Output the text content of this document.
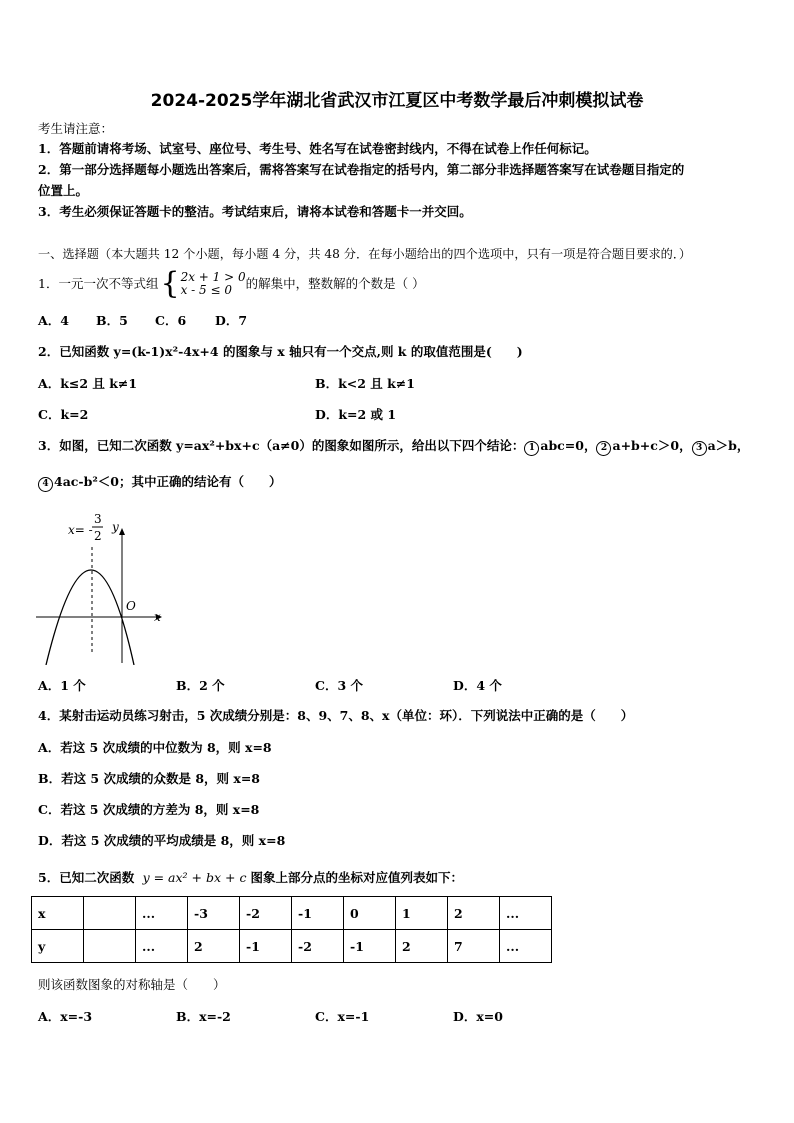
2024-2025学年湖北省武汉市江夏区中考数学最后冲刺模拟试卷
考生请注意：
1．答题前请将考场、试室号、座位号、考生号、姓名写在试卷密封线内，不得在试卷上作任何标记。
2．第一部分选择题每小题选出答案后，需将答案写在试卷指定的括号内，第二部分非选择题答案写在试卷题目指定的
位置上。
3．考生必须保证答题卡的整洁。考试结束后，请将本试卷和答题卡一并交回。
一、选择题（本大题共 12 个小题，每小题 4 分，共 48 分．在每小题给出的四个选项中，只有一项是符合题目要求的．）
1．一元一次不等式组{2x + 1 > 0
x - 5 ≤ 0 的解集中，整数解的个数是（ ）
A．4 B．5 C．6 D．7
2．已知函数 y=(k-1)x²-4x+4 的图象与 x 轴只有一个交点,则 k 的取值范围是(　　)
A．k≤2 且 k≠1	B．k<2 且 k≠1
C．k=2	D．k=2 或 1
3．如图，已知二次函数 y=ax²+bx+c（a≠0）的图象如图所示，给出以下四个结论： 1 abc=0， 2 a+b+c＞0， 3 a＞b，
4 4ac-b²＜0；其中正确的结论有（　　）
x= -
3
2
y
O
x
A．1 个	B．2 个	C．3 个	D．4 个
4．某射击运动员练习射击，5 次成绩分别是：8、9、7、8、x（单位：环）．下列说法中正确的是（　　）
A．若这 5 次成绩的中位数为 8，则 x=8
B．若这 5 次成绩的众数是 8，则 x=8
C．若这 5 次成绩的方差为 8，则 x=8
D．若这 5 次成绩的平均成绩是 8，则 x=8
5．已知二次函数 y = ax² + bx + c 图象上部分点的坐标对应值列表如下：
x		...	-3	-2	-1	0	1	2	...
y		...	2	-1	-2	-1	2	7	...
则该函数图象的对称轴是（　　）
A．x=-3	B．x=-2	C．x=-1	D．x=0
